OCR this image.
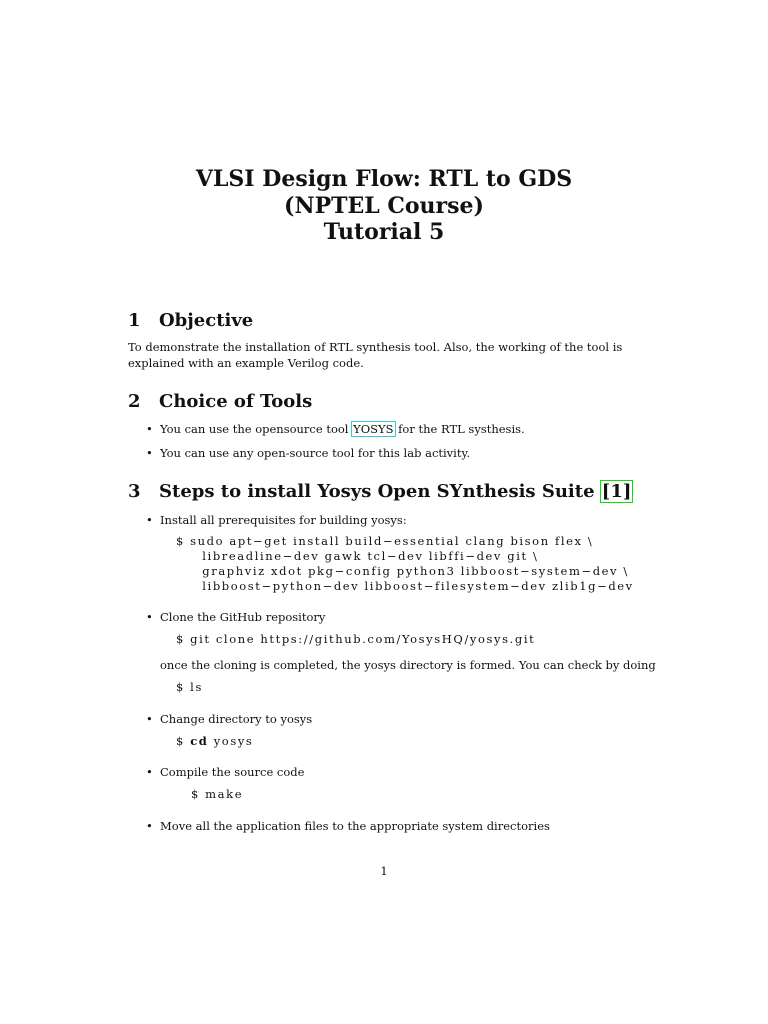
VLSI Design Flow: RTL to GDS
(NPTEL Course)
Tutorial 5
1 Objective
To demonstrate the installation of RTL synthesis tool. Also, the working of the tool is explained with an example Verilog code.
2 Choice of Tools
• You can use the opensource tool YOSYS for the RTL systhesis.
• You can use any open-source tool for this lab activity.
3 Steps to install Yosys Open SYnthesis Suite [1]
• Install all prerequisites for building yosys:
$ sudo apt−get install build−essential clang bison flex \
libreadline−dev gawk tcl−dev libffi−dev git \
graphviz xdot pkg−config python3 libboost−system−dev \
libboost−python−dev libboost−filesystem−dev zlib1g−dev
• Clone the GitHub repository
$ git clone https://github.com/YosysHQ/yosys.git
once the cloning is completed, the yosys directory is formed. You can check by doing
$ ls
• Change directory to yosys
$ cd yosys
• Compile the source code
$ make
• Move all the application files to the appropriate system directories
1
